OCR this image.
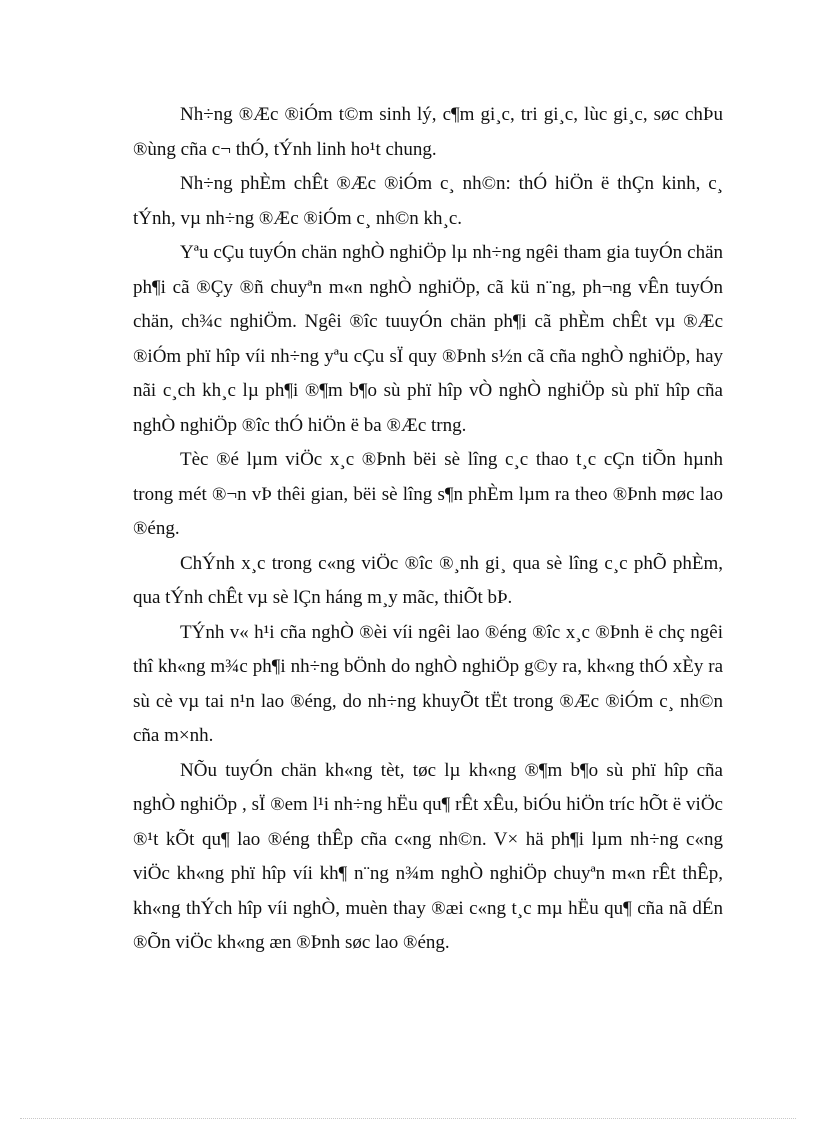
Nh÷ng ®Æc ®iÓm t©m sinh lý, c¶m gi¸c, tri gi¸c, lùc gi¸c, søc chÞu ®ùng cña c¬ thÓ, tÝnh linh ho¹t chung.

Nh÷ng phÈm chÊt ®Æc ®iÓm c¸ nh©n: thÓ hiÖn ë thÇn kinh, c¸ tÝnh, vµ nh÷ng ®Æc ®iÓm c¸ nh©n kh¸c.

Yªu cÇu tuyÓn chän nghÒ nghiÖp lµ nh÷ng ngêi tham gia tuyÓn chän ph¶i cã ®Çy ®ñ chuyªn m«n nghÒ nghiÖp, cã kü n¨ng, ph¬ng vÊn tuyÓn chän, ch¾c nghiÖm. Ngêi ®îc tuuyÓn chän ph¶i cã phÈm chÊt vµ ®Æc ®iÓm phï hîp víi nh÷ng yªu cÇu sÏ quy ®Þnh s½n cã cña nghÒ nghiÖp, hay nãi c¸ch kh¸c lµ ph¶i ®¶m b¶o sù phï hîp vÒ nghÒ nghiÖp sù phï hîp cña nghÒ nghiÖp ®îc thÓ hiÖn ë ba ®Æc trng.

Tèc ®é lµm viÖc x¸c ®Þnh bëi sè lîng c¸c thao t¸c cÇn tiÕn hµnh trong mét ®¬n vÞ thêi gian, bëi sè lîng s¶n phÈm lµm ra theo ®Þnh møc lao ®éng.

ChÝnh x¸c trong c«ng viÖc ®îc ®¸nh gi¸ qua sè lîng c¸c phÕ phÈm, qua tÝnh chÊt vµ sè lÇn háng m¸y mãc, thiÕt bÞ.

TÝnh v« h¹i cña nghÒ ®èi víi ngêi lao ®éng ®îc x¸c ®Þnh ë chç ngêi thî kh«ng m¾c ph¶i nh÷ng bÖnh do nghÒ nghiÖp g©y ra, kh«ng thÓ xÈy ra sù cè vµ tai n¹n lao ®éng, do nh÷ng khuyÕt tËt trong ®Æc ®iÓm c¸ nh©n cña m×nh.

NÕu tuyÓn chän kh«ng tèt, tøc lµ kh«ng ®¶m b¶o sù phï hîp cña nghÒ nghiÖp , sÏ ®em l¹i nh÷ng hËu qu¶ rÊt xÊu, biÓu hiÖn tríc hÕt ë viÖc ®¹t kÕt qu¶ lao ®éng thÊp cña c«ng nh©n. V× hä ph¶i lµm nh÷ng c«ng viÖc kh«ng phï hîp víi kh¶ n¨ng n¾m nghÒ nghiÖp chuyªn m«n rÊt thÊp, kh«ng thÝch hîp víi nghÒ, muèn thay ®æi c«ng t¸c mµ hËu qu¶ cña nã dÉn ®Õn viÖc kh«ng æn ®Þnh søc lao ®éng.
